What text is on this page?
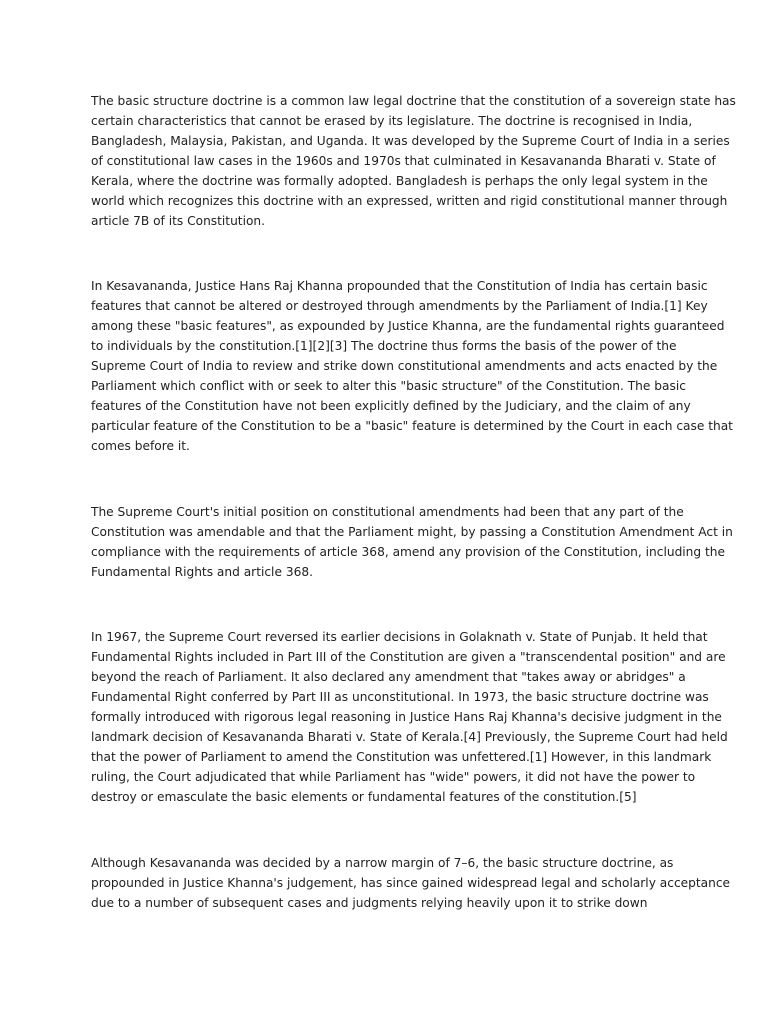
The basic structure doctrine is a common law legal doctrine that the constitution of a sovereign state has
certain characteristics that cannot be erased by its legislature. The doctrine is recognised in India,
Bangladesh, Malaysia, Pakistan, and Uganda. It was developed by the Supreme Court of India in a series
of constitutional law cases in the 1960s and 1970s that culminated in Kesavananda Bharati v. State of
Kerala, where the doctrine was formally adopted. Bangladesh is perhaps the only legal system in the
world which recognizes this doctrine with an expressed, written and rigid constitutional manner through
article 7B of its Constitution.

In Kesavananda, Justice Hans Raj Khanna propounded that the Constitution of India has certain basic
features that cannot be altered or destroyed through amendments by the Parliament of India.[1] Key
among these "basic features", as expounded by Justice Khanna, are the fundamental rights guaranteed
to individuals by the constitution.[1][2][3] The doctrine thus forms the basis of the power of the
Supreme Court of India to review and strike down constitutional amendments and acts enacted by the
Parliament which conflict with or seek to alter this "basic structure" of the Constitution. The basic
features of the Constitution have not been explicitly defined by the Judiciary, and the claim of any
particular feature of the Constitution to be a "basic" feature is determined by the Court in each case that
comes before it.

The Supreme Court's initial position on constitutional amendments had been that any part of the
Constitution was amendable and that the Parliament might, by passing a Constitution Amendment Act in
compliance with the requirements of article 368, amend any provision of the Constitution, including the
Fundamental Rights and article 368.

In 1967, the Supreme Court reversed its earlier decisions in Golaknath v. State of Punjab. It held that
Fundamental Rights included in Part III of the Constitution are given a "transcendental position" and are
beyond the reach of Parliament. It also declared any amendment that "takes away or abridges" a
Fundamental Right conferred by Part III as unconstitutional. In 1973, the basic structure doctrine was
formally introduced with rigorous legal reasoning in Justice Hans Raj Khanna's decisive judgment in the
landmark decision of Kesavananda Bharati v. State of Kerala.[4] Previously, the Supreme Court had held
that the power of Parliament to amend the Constitution was unfettered.[1] However, in this landmark
ruling, the Court adjudicated that while Parliament has "wide" powers, it did not have the power to
destroy or emasculate the basic elements or fundamental features of the constitution.[5]

Although Kesavananda was decided by a narrow margin of 7–6, the basic structure doctrine, as
propounded in Justice Khanna's judgement, has since gained widespread legal and scholarly acceptance
due to a number of subsequent cases and judgments relying heavily upon it to strike down
